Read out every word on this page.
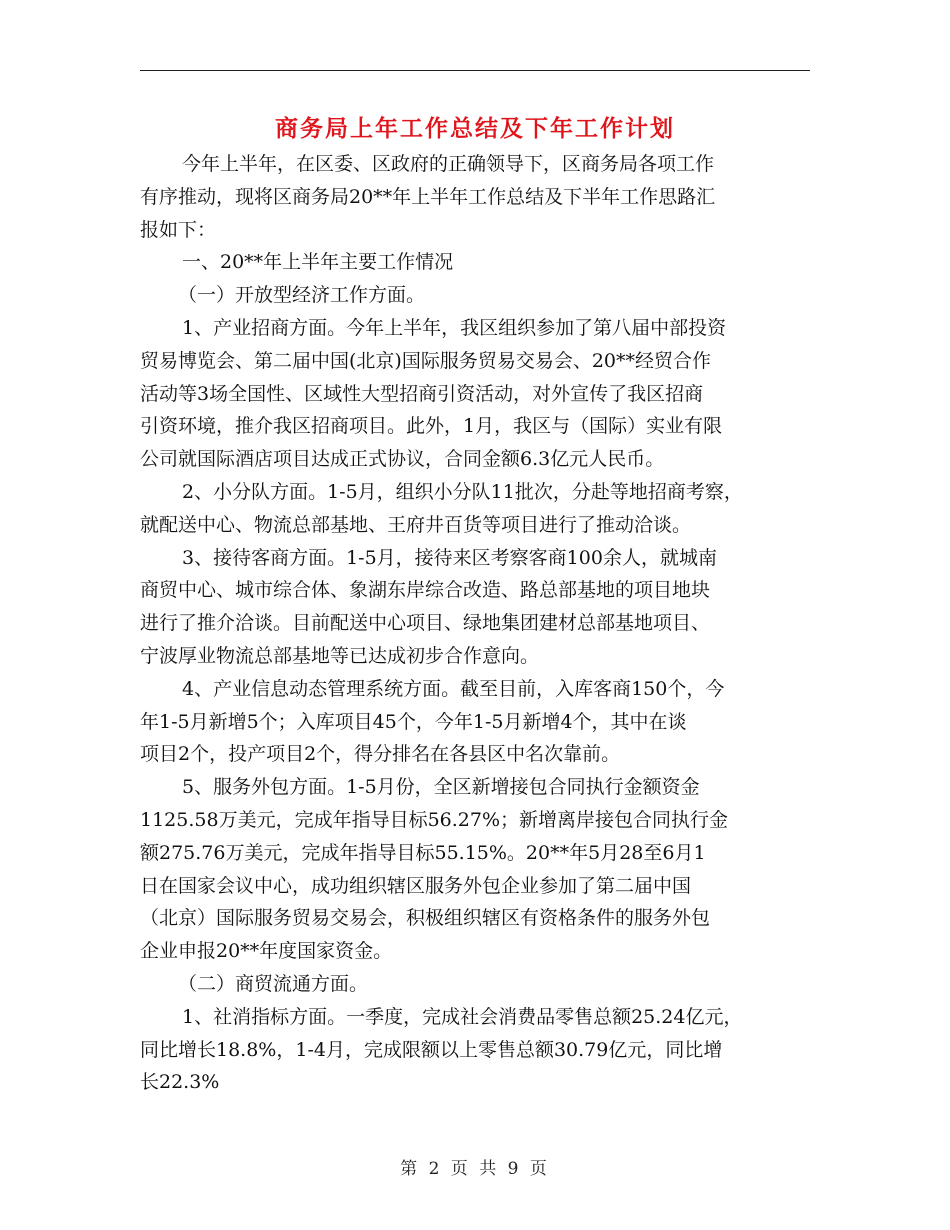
商务局上年工作总结及下年工作计划
今年上半年，在区委、区政府的正确领导下，区商务局各项工作
有序推动，现将区商务局20**年上半年工作总结及下半年工作思路汇
报如下：
一、20**年上半年主要工作情况
（一）开放型经济工作方面。
1、产业招商方面。今年上半年，我区组织参加了第八届中部投资
贸易博览会、第二届中国(北京)国际服务贸易交易会、20**经贸合作
活动等3场全国性、区域性大型招商引资活动，对外宣传了我区招商
引资环境，推介我区招商项目。此外，1月，我区与（国际）实业有限
公司就国际酒店项目达成正式协议，合同金额6.3亿元人民币。
2、小分队方面。1-5月，组织小分队11批次，分赴等地招商考察，
就配送中心、物流总部基地、王府井百货等项目进行了推动洽谈。
3、接待客商方面。1-5月，接待来区考察客商100余人，就城南
商贸中心、城市综合体、象湖东岸综合改造、路总部基地的项目地块
进行了推介洽谈。目前配送中心项目、绿地集团建材总部基地项目、
宁波厚业物流总部基地等已达成初步合作意向。
4、产业信息动态管理系统方面。截至目前，入库客商150个，今
年1-5月新增5个；入库项目45个，今年1-5月新增4个，其中在谈
项目2个，投产项目2个，得分排名在各县区中名次靠前。
5、服务外包方面。1-5月份，全区新增接包合同执行金额资金
1125.58万美元，完成年指导目标56.27%；新增离岸接包合同执行金
额275.76万美元，完成年指导目标55.15%。20**年5月28至6月1
日在国家会议中心，成功组织辖区服务外包企业参加了第二届中国
（北京）国际服务贸易交易会，积极组织辖区有资格条件的服务外包
企业申报20**年度国家资金。
（二）商贸流通方面。
1、社消指标方面。一季度，完成社会消费品零售总额25.24亿元，
同比增长18.8%，1-4月，完成限额以上零售总额30.79亿元，同比增
长22.3%
第 2 页 共 9 页
